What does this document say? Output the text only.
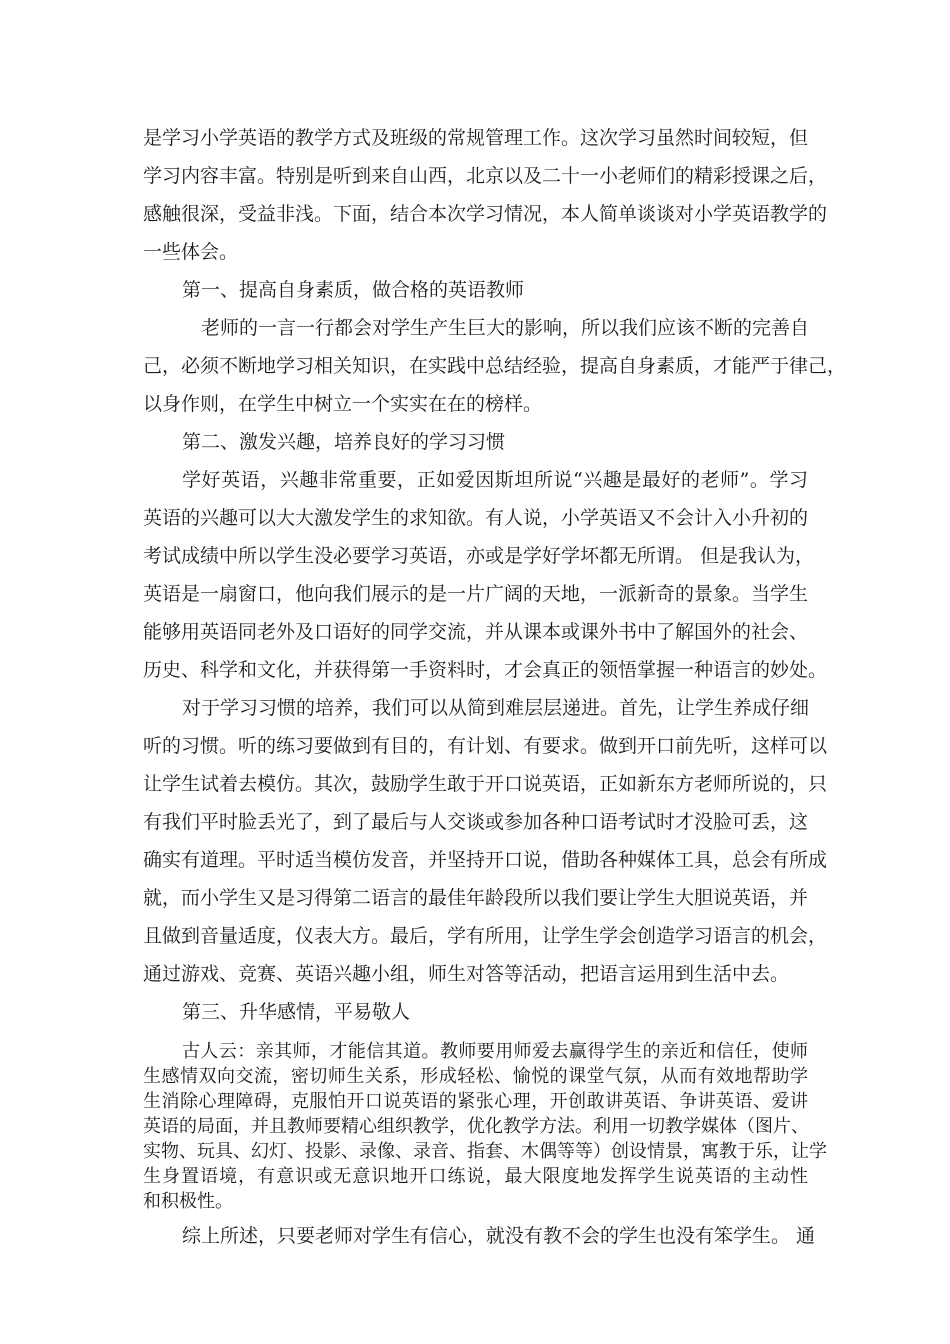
是学习小学英语的教学方式及班级的常规管理工作。这次学习虽然时间较短，但
学习内容丰富。特别是听到来自山西，北京以及二十一小老师们的精彩授课之后，
感触很深，受益非浅。下面，结合本次学习情况，本人简单谈谈对小学英语教学的
一些体会。
第一、提高自身素质，做合格的英语教师
老师的一言一行都会对学生产生巨大的影响，所以我们应该不断的完善自
己，必须不断地学习相关知识，在实践中总结经验，提高自身素质，才能严于律己，
以身作则，在学生中树立一个实实在在的榜样。
第二、激发兴趣，培养良好的学习习惯
学好英语，兴趣非常重要，正如爱因斯坦所说“兴趣是最好的老师”。学习
英语的兴趣可以大大激发学生的求知欲。有人说，小学英语又不会计入小升初的
考试成绩中所以学生没必要学习英语，亦或是学好学坏都无所谓。 但是我认为，
英语是一扇窗口，他向我们展示的是一片广阔的天地，一派新奇的景象。当学生
能够用英语同老外及口语好的同学交流，并从课本或课外书中了解国外的社会、
历史、科学和文化，并获得第一手资料时，才会真正的领悟掌握一种语言的妙处。
对于学习习惯的培养，我们可以从简到难层层递进。首先，让学生养成仔细
听的习惯。听的练习要做到有目的，有计划、有要求。做到开口前先听，这样可以
让学生试着去模仿。其次，鼓励学生敢于开口说英语，正如新东方老师所说的，只
有我们平时脸丢光了，到了最后与人交谈或参加各种口语考试时才没脸可丢，这
确实有道理。平时适当模仿发音，并坚持开口说，借助各种媒体工具，总会有所成
就，而小学生又是习得第二语言的最佳年龄段所以我们要让学生大胆说英语，并
且做到音量适度，仪表大方。最后，学有所用，让学生学会创造学习语言的机会，
通过游戏、竞赛、英语兴趣小组，师生对答等活动，把语言运用到生活中去。
第三、升华感情，平易敬人
古人云：亲其师，才能信其道。教师要用师爱去赢得学生的亲近和信任，使师
生感情双向交流，密切师生关系，形成轻松、愉悦的课堂气氛，从而有效地帮助学
生消除心理障碍，克服怕开口说英语的紧张心理，开创敢讲英语、争讲英语、爱讲
英语的局面，并且教师要精心组织教学，优化教学方法。利用一切教学媒体（图片、
实物、玩具、幻灯、投影、录像、录音、指套、木偶等等）创设情景，寓教于乐，让学
生身置语境，有意识或无意识地开口练说，最大限度地发挥学生说英语的主动性
和积极性。
综上所述，只要老师对学生有信心，就没有教不会的学生也没有笨学生。 通
